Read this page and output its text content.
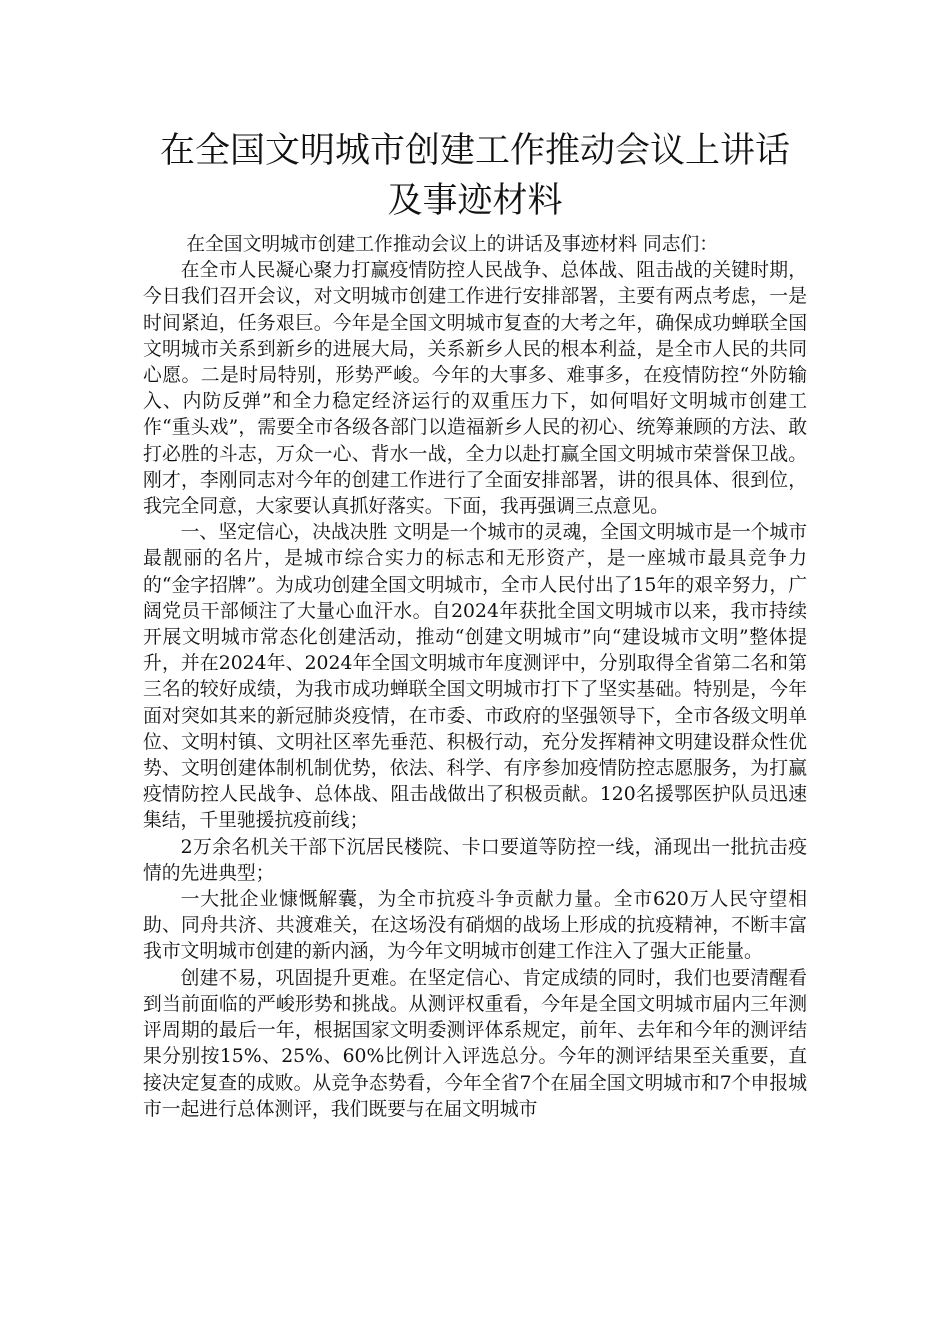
在全国文明城市创建工作推动会议上讲话
及事迹材料

在全国文明城市创建工作推动会议上的讲话及事迹材料 同志们：

在全市人民凝心聚力打赢疫情防控人民战争、总体战、阻击战的关键时期，今日我们召开会议，对文明城市创建工作进行安排部署，主要有两点考虑，一是时间紧迫，任务艰巨。今年是全国文明城市复查的大考之年，确保成功蝉联全国文明城市关系到新乡的进展大局，关系新乡人民的根本利益，是全市人民的共同心愿。二是时局特别，形势严峻。今年的大事多、难事多，在疫情防控“外防输入、内防反弹”和全力稳定经济运行的双重压力下，如何唱好文明城市创建工作“重头戏”，需要全市各级各部门以造福新乡人民的初心、统筹兼顾的方法、敢打必胜的斗志，万众一心、背水一战，全力以赴打赢全国文明城市荣誉保卫战。刚才，李刚同志对今年的创建工作进行了全面安排部署，讲的很具体、很到位，我完全同意，大家要认真抓好落实。下面，我再强调三点意见。

一、坚定信心，决战决胜 文明是一个城市的灵魂，全国文明城市是一个城市最靓丽的名片，是城市综合实力的标志和无形资产，是一座城市最具竞争力的“金字招牌”。为成功创建全国文明城市，全市人民付出了15年的艰辛努力，广阔党员干部倾注了大量心血汗水。自2024年获批全国文明城市以来，我市持续开展文明城市常态化创建活动，推动“创建文明城市”向“建设城市文明”整体提升，并在2024年、2024年全国文明城市年度测评中，分别取得全省第二名和第三名的较好成绩，为我市成功蝉联全国文明城市打下了坚实基础。特别是，今年面对突如其来的新冠肺炎疫情，在市委、市政府的坚强领导下，全市各级文明单位、文明村镇、文明社区率先垂范、积极行动，充分发挥精神文明建设群众性优势、文明创建体制机制优势，依法、科学、有序参加疫情防控志愿服务，为打赢疫情防控人民战争、总体战、阻击战做出了积极贡献。120名援鄂医护队员迅速集结，千里驰援抗疫前线；

2万余名机关干部下沉居民楼院、卡口要道等防控一线，涌现出一批抗击疫情的先进典型；

一大批企业慷慨解囊，为全市抗疫斗争贡献力量。全市620万人民守望相助、同舟共济、共渡难关，在这场没有硝烟的战场上形成的抗疫精神，不断丰富我市文明城市创建的新内涵，为今年文明城市创建工作注入了强大正能量。

创建不易，巩固提升更难。在坚定信心、肯定成绩的同时，我们也要清醒看到当前面临的严峻形势和挑战。从测评权重看，今年是全国文明城市届内三年测评周期的最后一年，根据国家文明委测评体系规定，前年、去年和今年的测评结果分别按15%、25%、60%比例计入评选总分。今年的测评结果至关重要，直接决定复查的成败。从竞争态势看，今年全省7个在届全国文明城市和7个申报城市一起进行总体测评，我们既要与在届文明城市
